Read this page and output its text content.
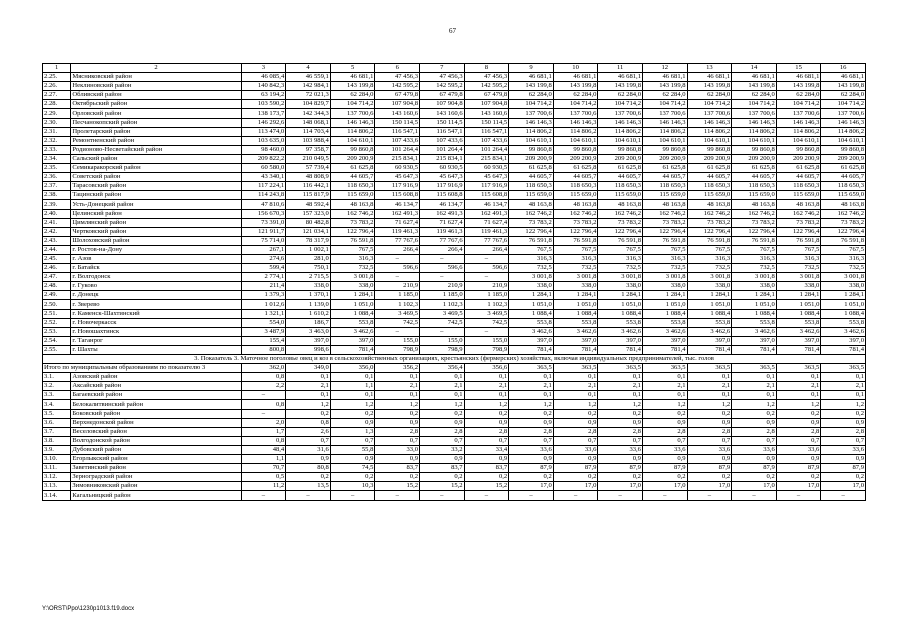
67
1	2	3	4	5	6	7	8	9	10	11	12	13	14	15	16
2.25.	Мясниковский район	46 085,4	46 559,1	46 681,1	47 456,3	47 456,3	47 456,3	46 681,1	46 681,1	46 681,1	46 681,1	46 681,1	46 681,1	46 681,1	46 681,1
2.26.	Неклиновский район	140 842,3	142 984,1	143 199,8	142 595,2	142 595,2	142 595,2	143 199,8	143 199,8	143 199,8	143 199,8	143 199,8	143 199,8	143 199,8	143 199,8
2.27.	Обливский район	63 194,2	72 021,3	62 284,0	67 479,8	67 479,8	67 479,8	62 284,0	62 284,0	62 284,0	62 284,0	62 284,0	62 284,0	62 284,0	62 284,0
2.28.	Октябрьский район	103 590,2	104 829,7	104 714,2	107 904,8	107 904,8	107 904,8	104 714,2	104 714,2	104 714,2	104 714,2	104 714,2	104 714,2	104 714,2	104 714,2
2.29.	Орловский район	138 173,7	142 344,3	137 700,6	143 160,6	143 160,6	143 160,6	137 700,6	137 700,6	137 700,6	137 700,6	137 700,6	137 700,6	137 700,6	137 700,6
2.30.	Песчанокопский район	146 292,6	148 068,1	146 146,3	150 114,5	150 114,5	150 114,5	146 146,3	146 146,3	146 146,3	146 146,3	146 146,3	146 146,3	146 146,3	146 146,3
2.31.	Пролетарский район	113 474,0	114 703,4	114 806,2	116 547,1	116 547,1	116 547,1	114 806,2	114 806,2	114 806,2	114 806,2	114 806,2	114 806,2	114 806,2	114 806,2
2.32.	Ремонтненский район	103 635,0	103 988,4	104 610,1	107 433,6	107 433,6	107 433,6	104 610,1	104 610,1	104 610,1	104 610,1	104 610,1	104 610,1	104 610,1	104 610,1
2.33.	Родионово-Несветайский район	98 460,0	97 358,7	99 860,8	101 264,4	101 264,4	101 264,4	99 860,8	99 860,8	99 860,8	99 860,8	99 860,8	99 860,8	99 860,8	99 860,8
2.34.	Сальский район	209 822,2	210 049,5	209 200,9	215 834,1	215 834,1	215 834,1	209 200,9	209 200,9	209 200,9	209 200,9	209 200,9	209 200,9	209 200,9	209 200,9
2.35.	Семикаракорский район	60 580,0	57 739,4	61 625,8	60 930,5	60 930,5	60 930,5	61 625,8	61 625,8	61 625,8	61 625,8	61 625,8	61 625,8	61 625,8	61 625,8
2.36.	Советский район	43 340,1	48 808,9	44 605,7	45 647,3	45 647,3	45 647,3	44 605,7	44 605,7	44 605,7	44 605,7	44 605,7	44 605,7	44 605,7	44 605,7
2.37.	Тарасовский район	117 224,1	116 442,1	118 650,3	117 916,9	117 916,9	117 916,9	118 650,3	118 650,3	118 650,3	118 650,3	118 650,3	118 650,3	118 650,3	118 650,3
2.38.	Тацинский район	114 243,8	115 817,9	115 659,0	115 608,8	115 608,8	115 608,8	115 659,0	115 659,0	115 659,0	115 659,0	115 659,0	115 659,0	115 659,0	115 659,0
2.39.	Усть-Донецкий район	47 810,6	48 592,4	48 163,8	46 134,7	46 134,7	46 134,7	48 163,8	48 163,8	48 163,8	48 163,8	48 163,8	48 163,8	48 163,8	48 163,8
2.40.	Целинский район	156 670,3	157 323,0	162 746,2	162 491,3	162 491,3	162 491,3	162 746,2	162 746,2	162 746,2	162 746,2	162 746,2	162 746,2	162 746,2	162 746,2
2.41.	Цимлянский район	73 391,0	80 482,8	73 783,2	71 627,4	71 627,4	71 627,4	73 783,2	73 783,2	73 783,2	73 783,2	73 783,2	73 783,2	73 783,2	73 783,2
2.42.	Чертковский район	121 911,7	121 034,1	122 796,4	119 461,3	119 461,3	119 461,3	122 796,4	122 796,4	122 796,4	122 796,4	122 796,4	122 796,4	122 796,4	122 796,4
2.43.	Шолоховский район	75 714,0	78 317,9	76 591,8	77 767,6	77 767,6	77 767,6	76 591,8	76 591,8	76 591,8	76 591,8	76 591,8	76 591,8	76 591,8	76 591,8
2.44.	г. Ростов-на-Дону	267,1	1 002,1	767,5	266,4	266,4	266,4	767,5	767,5	767,5	767,5	767,5	767,5	767,5	767,5
2.45.	г. Азов	274,6	281,0	316,3	–	–	–	316,3	316,3	316,3	316,3	316,3	316,3	316,3	316,3
2.46.	г. Батайск	599,4	750,1	732,5	596,6	596,6	596,6	732,5	732,5	732,5	732,5	732,5	732,5	732,5	732,5
2.47.	г. Волгодонск	2 774,1	2 715,5	3 001,8	–	–	–	3 001,8	3 001,8	3 001,8	3 001,8	3 001,8	3 001,8	3 001,8	3 001,8
2.48.	г. Гуково	211,4	338,0	338,0	210,9	210,9	210,9	338,0	338,0	338,0	338,0	338,0	338,0	338,0	338,0
2.49.	г. Донецк	1 379,3	1 370,1	1 284,1	1 185,0	1 185,0	1 185,0	1 284,1	1 284,1	1 284,1	1 284,1	1 284,1	1 284,1	1 284,1	1 284,1
2.50.	г. Зверево	1 012,6	1 139,0	1 051,0	1 102,3	1 102,3	1 102,3	1 051,0	1 051,0	1 051,0	1 051,0	1 051,0	1 051,0	1 051,0	1 051,0
2.51.	г. Каменск-Шахтинский	1 321,1	1 610,2	1 088,4	3 469,5	3 469,5	3 469,5	1 088,4	1 088,4	1 088,4	1 088,4	1 088,4	1 088,4	1 088,4	1 088,4
2.52.	г. Новочеркасск	554,0	186,7	553,8	742,5	742,5	742,5	553,8	553,8	553,8	553,8	553,8	553,8	553,8	553,8
2.53.	г. Новошахтинск	3 487,9	3 463,0	3 462,6	–	–	–	3 462,6	3 462,6	3 462,6	3 462,6	3 462,6	3 462,6	3 462,6	3 462,6
2.54.	г. Таганрог	155,4	397,0	397,0	155,0	155,0	155,0	397,0	397,0	397,0	397,0	397,0	397,0	397,0	397,0
2.55.	г. Шахты	800,8	998,6	781,4	798,9	798,9	798,9	781,4	781,4	781,4	781,4	781,4	781,4	781,4	781,4
3. Показатель 3. Маточное поголовье овец и коз в сельскохозяйственных организациях, крестьянских (фермерских) хозяйствах, включая индивидуальных предпринимателей, тыс. голов															
Итого по муниципальным образованиям по показателю 3		362,0	349,0	356,0	356,2	356,4	356,6	363,5	363,5	363,5	363,5	363,5	363,5	363,5	363,5
3.1.	Азовский район	0,8	0,1	0,1	0,1	0,1	0,1	0,1	0,1	0,1	0,1	0,1	0,1	0,1	0,1
3.2.	Аксайский район	2,2	2,1	1,1	2,1	2,1	2,1	2,1	2,1	2,1	2,1	2,1	2,1	2,1	2,1
3.3.	Багаевский район	–	0,1	0,1	0,1	0,1	0,1	0,1	0,1	0,1	0,1	0,1	0,1	0,1	0,1
3.4.	Белокалитвинский район	0,8	1,2	1,2	1,2	1,2	1,2	1,2	1,2	1,2	1,2	1,2	1,2	1,2	1,2
3.5.	Боковский район	–	0,2	0,2	0,2	0,2	0,2	0,2	0,2	0,2	0,2	0,2	0,2	0,2	0,2
3.6.	Верхнедонской район	2,0	0,8	0,9	0,9	0,9	0,9	0,9	0,9	0,9	0,9	0,9	0,9	0,9	0,9
3.7.	Веселовский район	1,7	2,6	1,3	2,8	2,8	2,8	2,8	2,8	2,8	2,8	2,8	2,8	2,8	2,8
3.8.	Волгодонской район	0,8	0,7	0,7	0,7	0,7	0,7	0,7	0,7	0,7	0,7	0,7	0,7	0,7	0,7
3.9.	Дубовский район	48,4	31,6	55,8	33,0	33,2	33,4	33,6	33,6	33,6	33,6	33,6	33,6	33,6	33,6
3.10.	Егорлыкский район	1,1	0,9	0,9	0,9	0,9	0,9	0,9	0,9	0,9	0,9	0,9	0,9	0,9	0,9
3.11.	Заветинский район	70,7	80,8	74,5	83,7	83,7	83,7	87,9	87,9	87,9	87,9	87,9	87,9	87,9	87,9
3.12.	Зерноградский район	0,5	0,2	0,2	0,2	0,2	0,2	0,2	0,2	0,2	0,2	0,2	0,2	0,2	0,2
3.13.	Зимовниковский район	11,2	13,5	10,3	15,2	15,2	15,2	17,0	17,0	17,0	17,0	17,0	17,0	17,0	17,0
3.14.	Кагальницкий район	–	–	–	–	–	–	–	–	–	–	–	–	–	–
Y:\ORST\Ppo\1230p1013.f19.docx
